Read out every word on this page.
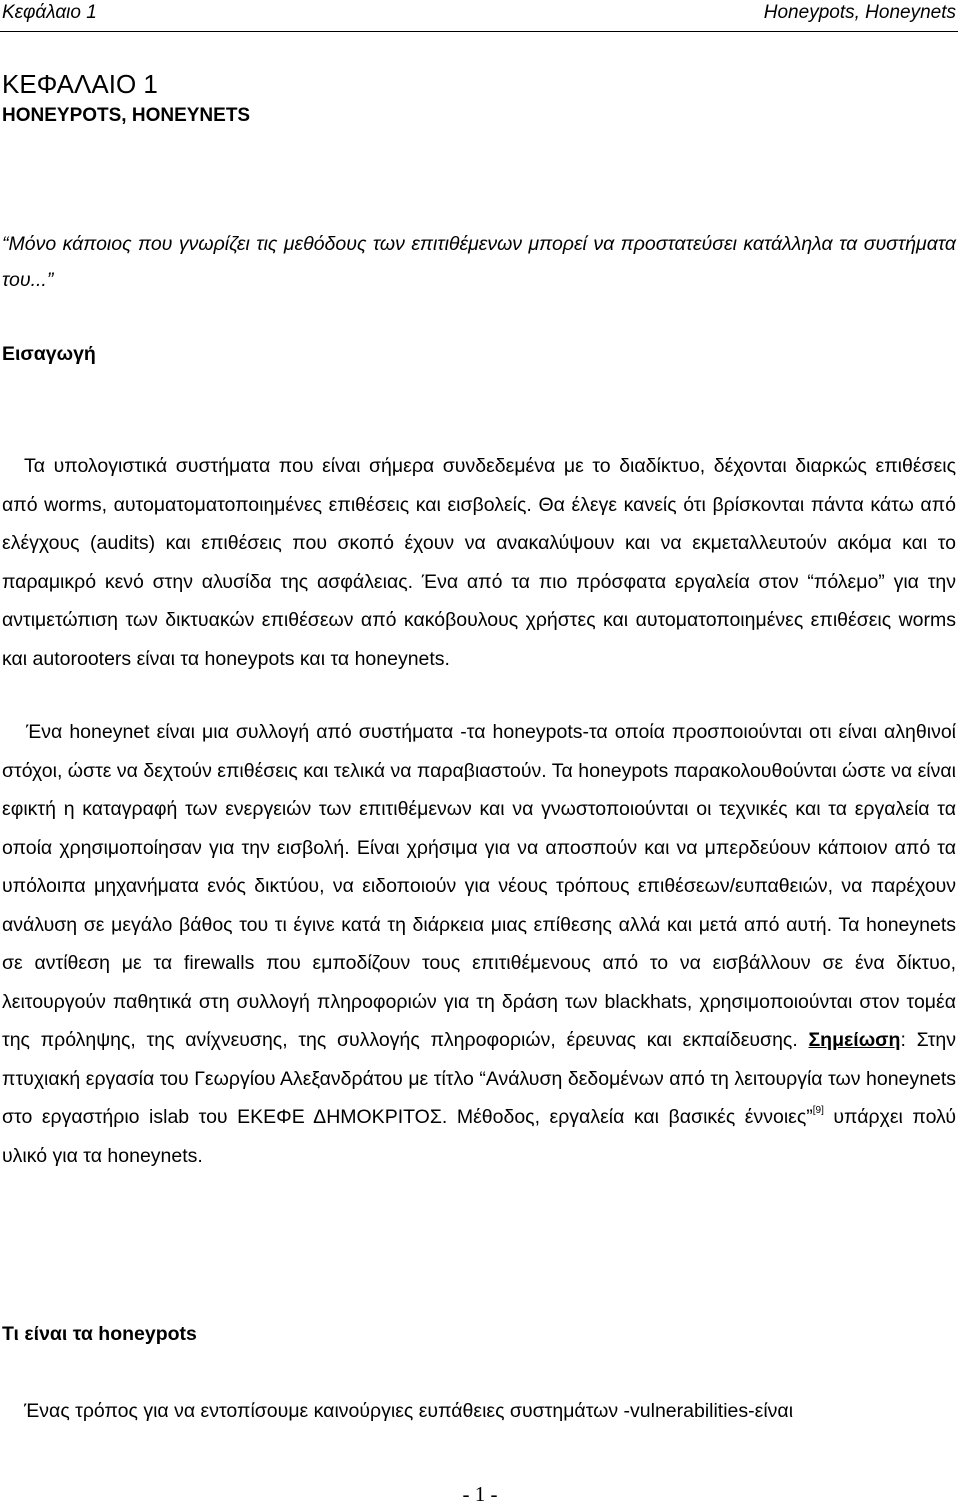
Κεφάλαιο 1	Honeypots, Honeynets
ΚΕΦΑΛΑΙΟ 1
HONEYPOTS, HONEYNETS
“Μόνο κάποιος που γνωρίζει τις μεθόδους των επιτιθέμενων μπορεί να προστατεύσει κατάλληλα τα συστήματα του...”
Εισαγωγή
Τα υπολογιστικά συστήματα που είναι σήμερα συνδεδεμένα με το διαδίκτυο, δέχονται διαρκώς επιθέσεις από worms, αυτοματοματοποιημένες επιθέσεις και εισβολείς. Θα έλεγε κανείς ότι βρίσκονται πάντα κάτω από ελέγχους (audits) και επιθέσεις που σκοπό έχουν να ανακαλύψουν και να εκμεταλλευτούν ακόμα και το παραμικρό κενό στην αλυσίδα της ασφάλειας. Ένα από τα πιο πρόσφατα εργαλεία στον “πόλεμο” για την αντιμετώπιση των δικτυακών επιθέσεων από κακόβουλους χρήστες και αυτοματοποιημένες επιθέσεις worms και autorooters είναι τα honeypots και τα honeynets.
Ένα honeynet είναι μια συλλογή από συστήματα -τα honeypots-τα οποία προσποιούνται οτι είναι αληθινοί στόχοι, ώστε να δεχτούν επιθέσεις και τελικά να παραβιαστούν. Τα honeypots παρακολουθούνται ώστε να είναι εφικτή η καταγραφή των ενεργειών των επιτιθέμενων και να γνωστοποιούνται οι τεχνικές και τα εργαλεία τα οποία χρησιμοποίησαν για την εισβολή. Είναι χρήσιμα για να αποσπούν και να μπερδεύουν κάποιον από τα υπόλοιπα μηχανήματα ενός δικτύου, να ειδοποιούν για νέους τρόπους επιθέσεων/ευπαθειών, να παρέχουν ανάλυση σε μεγάλο βάθος του τι έγινε κατά τη διάρκεια μιας επίθεσης αλλά και μετά από αυτή. Τα honeynets σε αντίθεση με τα firewalls που εμποδίζουν τους επιτιθέμενους από το να εισβάλλουν σε ένα δίκτυο, λειτουργούν παθητικά στη συλλογή πληροφοριών για τη δράση των blackhats, χρησιμοποιούνται στον τομέα της πρόληψης, της ανίχνευσης, της συλλογής πληροφοριών, έρευνας και εκπαίδευσης. Σημείωση: Στην πτυχιακή εργασία του Γεωργίου Αλεξανδράτου με τίτλο “Ανάλυση δεδομένων από τη λειτουργία των honeynets στο εργαστήριο islab του ΕΚΕΦΕ ΔΗΜΟΚΡΙΤΟΣ. Μέθοδος, εργαλεία και βασικές έννοιες”[9] υπάρχει πολύ υλικό για τα honeynets.
Τι είναι τα honeypots
Ένας τρόπος για να εντοπίσουμε καινούργιες ευπάθειες συστημάτων -vulnerabilities-είναι
- 1 -
